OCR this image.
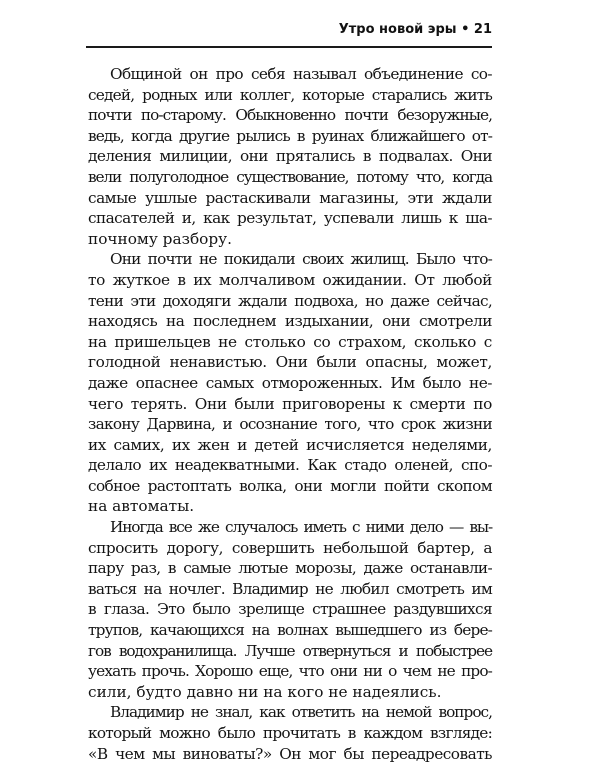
Утро новой эры • 21

Общиной он про себя называл объединение со-
седей, родных или коллег, которые старались жить
почти по-старому. Обыкновенно почти безоружные,
ведь, когда другие рылись в руинах ближайшего от-
деления милиции, они прятались в подвалах. Они
вели полуголодное существование, потому что, когда
самые ушлые растаскивали магазины, эти ждали
спасателей и, как результат, успевали лишь к ша-
почному разбору.

Они почти не покидали своих жилищ. Было что-
то жуткое в их молчаливом ожидании. От любой
тени эти доходяги ждали подвоха, но даже сейчас,
находясь на последнем издыхании, они смотрели
на пришельцев не столько со страхом, сколько с
голодной ненавистью. Они были опасны, может,
даже опаснее самых отмороженных. Им было не-
чего терять. Они были приговорены к смерти по
закону Дарвина, и осознание того, что срок жизни
их самих, их жен и детей исчисляется неделями,
делало их неадекватными. Как стадо оленей, спо-
собное растоптать волка, они могли пойти скопом
на автоматы.

Иногда все же случалось иметь с ними дело — вы-
спросить дорогу, совершить небольшой бартер, а
пару раз, в самые лютые морозы, даже останавли-
ваться на ночлег. Владимир не любил смотреть им
в глаза. Это было зрелище страшнее раздувшихся
трупов, качающихся на волнах вышедшего из бере-
гов водохранилища. Лучше отвернуться и побыстрее
уехать прочь. Хорошо еще, что они ни о чем не про-
сили, будто давно ни на кого не надеялись.

Владимир не знал, как ответить на немой вопрос,
который можно было прочитать в каждом взгляде:
«В чем мы виноваты?» Он мог бы переадресовать
